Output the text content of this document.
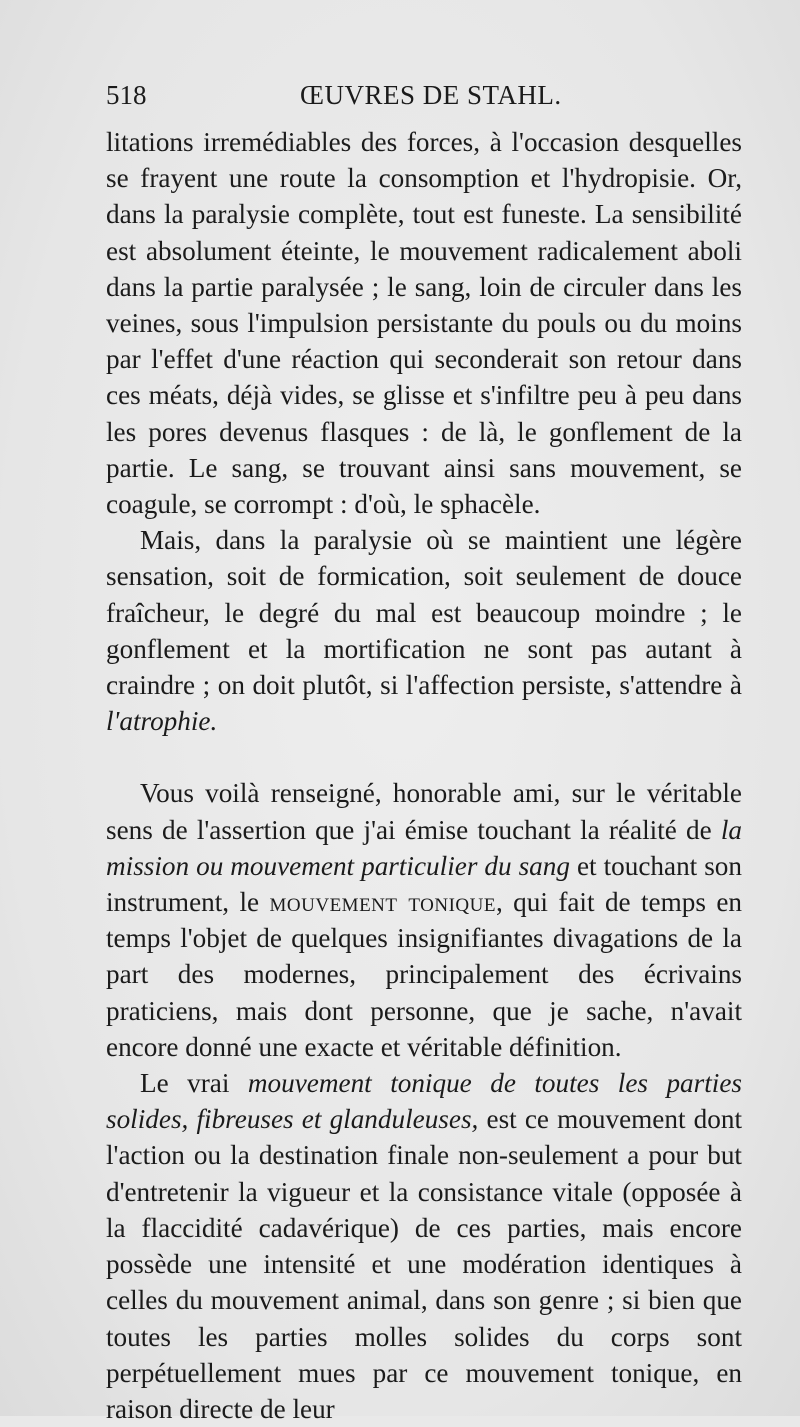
518	ŒUVRES DE STAHL.

litations irremédiables des forces, à l'occasion desquelles se frayent une route la consomption et l'hydropisie. Or, dans la paralysie complète, tout est funeste. La sensibilité est absolument éteinte, le mouvement radicalement aboli dans la partie paralysée ; le sang, loin de circuler dans les veines, sous l'impulsion persistante du pouls ou du moins par l'effet d'une réaction qui seconderait son retour dans ces méats, déjà vides, se glisse et s'infiltre peu à peu dans les pores devenus flasques : de là, le gonflement de la partie. Le sang, se trouvant ainsi sans mouvement, se coagule, se corrompt : d'où, le sphacèle.

Mais, dans la paralysie où se maintient une légère sensation, soit de formication, soit seulement de douce fraîcheur, le degré du mal est beaucoup moindre ; le gonflement et la mortification ne sont pas autant à craindre ; on doit plutôt, si l'affection persiste, s'attendre à l'atrophie.

Vous voilà renseigné, honorable ami, sur le véritable sens de l'assertion que j'ai émise touchant la réalité de la mission ou mouvement particulier du sang et touchant son instrument, le mouvement tonique, qui fait de temps en temps l'objet de quelques insignifiantes divagations de la part des modernes, principalement des écrivains praticiens, mais dont personne, que je sache, n'avait encore donné une exacte et véritable définition.

Le vrai mouvement tonique de toutes les parties solides, fibreuses et glanduleuses, est ce mouvement dont l'action ou la destination finale non-seulement a pour but d'entretenir la vigueur et la consistance vitale (opposée à la flaccidité cadavérique) de ces parties, mais encore possède une intensité et une modération identiques à celles du mouvement animal, dans son genre ; si bien que toutes les parties molles solides du corps sont perpétuellement mues par ce mouvement tonique, en raison directe de leur
